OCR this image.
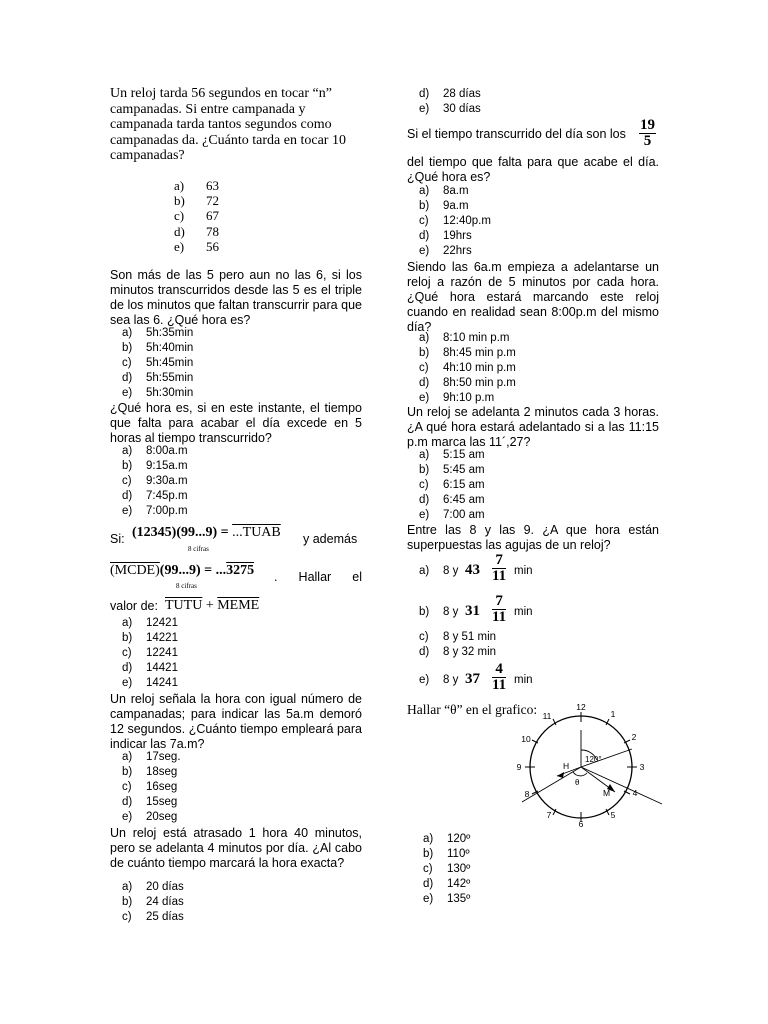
Un reloj tarda 56 segundos en tocar “n” campanadas. Si entre campanada y campanada tarda tantos segundos como campanadas da. ¿Cuánto tarda en tocar 10 campanadas?
a) 63
b) 72
c) 67
d) 78
e) 56
Son más de las 5 pero aun no las 6, si los minutos transcurridos desde las 5 es el triple de los minutos que faltan transcurrir para que sea las 6. ¿Qué hora es?
a) 5h:35min
b) 5h:40min
c) 5h:45min
d) 5h:55min
e) 5h:30min
¿Qué hora es, si en este instante, el tiempo que falta para acabar el día excede en 5 horas al tiempo transcurrido?
a) 8:00a.m
b) 9:15a.m
c) 9:30a.m
d) 7:45p.m
e) 7:00p.m
Si: (12345)(99...9) = ...TUAB
8 cifras
y además
(MCDE)(99...9) = ...3275
8 cifras
. Hallar el
valor de: TUTU + MEME
a) 12421
b) 14221
c) 12241
d) 14421
e) 14241
Un reloj señala la hora con igual número de campanadas; para indicar las 5a.m demoró 12 segundos. ¿Cuánto tiempo empleará para indicar las 7a.m?
a) 17seg.
b) 18seg
c) 16seg
d) 15seg
e) 20seg
Un reloj está atrasado 1 hora 40 minutos, pero se adelanta 4 minutos por día. ¿Al cabo de cuánto tiempo marcará la hora exacta?
a) 20 días
b) 24 días
c) 25 días
d) 28 días
e) 30 días
Si el tiempo transcurrido del día son los $\frac{19}{5}$
del tiempo que falta para que acabe el día. ¿Qué hora es?
a) 8a.m
b) 9a.m
c) 12:40p.m
d) 19hrs
e) 22hrs
Siendo las 6a.m empieza a adelantarse un reloj a razón de 5 minutos por cada hora. ¿Qué hora estará marcando este reloj cuando en realidad sean 8:00p.m del mismo día?
a) 8:10 min p.m
b) 8h:45 min p.m
c) 4h:10 min p.m
d) 8h:50 min p.m
e) 9h:10 p.m
Un reloj se adelanta 2 minutos cada 3 horas. ¿A qué hora estará adelantado si a las 11:15 p.m marca las 11´,27?
a) 5:15 am
b) 5:45 am
c) 6:15 am
d) 6:45 am
e) 7:00 am
Entre las 8 y las 9. ¿A que hora están superpuestas las agujas de un reloj?
a) 8 y $43 \frac{7}{11}$ min
b) 8 y $31 \frac{7}{11}$ min
c) 8 y 51 min
d) 8 y 32 min
e) 8 y $37 \frac{4}{11}$ min
Hallar “θ” en el grafico:	12
1
2
3
4
5
6
7
8
9
10
11
H
M
120°
θ
a) 120º
b) 110º
c) 130º
d) 142º
e) 135º
